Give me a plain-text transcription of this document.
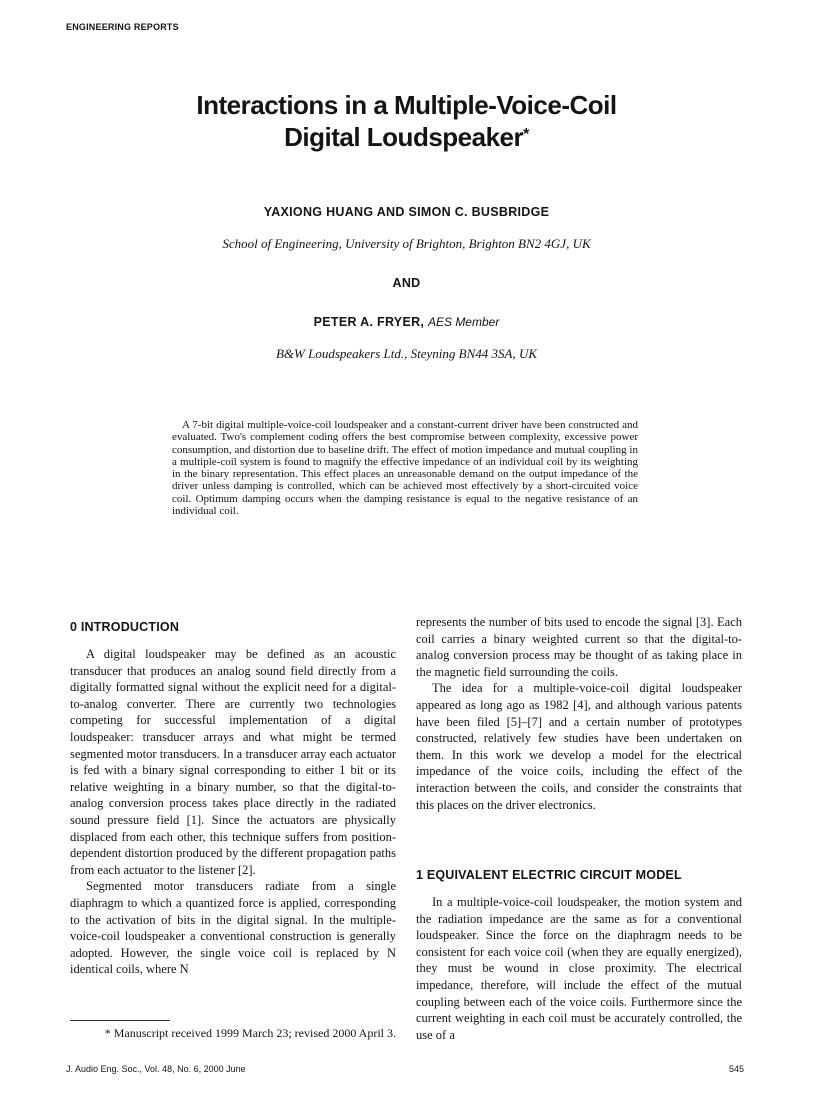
ENGINEERING REPORTS
Interactions in a Multiple-Voice-Coil
Digital Loudspeaker*
YAXIONG HUANG AND SIMON C. BUSBRIDGE
School of Engineering, University of Brighton, Brighton BN2 4GJ, UK
AND
PETER A. FRYER, AES Member
B&W Loudspeakers Ltd., Steyning BN44 3SA, UK
A 7-bit digital multiple-voice-coil loudspeaker and a constant-current driver have been constructed and evaluated. Two's complement coding offers the best compromise between complexity, excessive power consumption, and distortion due to baseline drift. The effect of motion impedance and mutual coupling in a multiple-coil system is found to magnify the effective impedance of an individual coil by its weighting in the binary representation. This effect places an unreasonable demand on the output impedance of the driver unless damping is controlled, which can be achieved most effectively by a short-circuited voice coil. Optimum damping occurs when the damping resistance is equal to the negative resistance of an individual coil.
0 INTRODUCTION

A digital loudspeaker may be defined as an acoustic transducer that produces an analog sound field directly from a digitally formatted signal without the explicit need for a digital-to-analog converter. There are currently two technologies competing for successful implementation of a digital loudspeaker: transducer arrays and what might be termed segmented motor transducers. In a transducer array each actuator is fed with a binary signal corresponding to either 1 bit or its relative weighting in a binary number, so that the digital-to-analog conversion process takes place directly in the radiated sound pressure field [1]. Since the actuators are physically displaced from each other, this technique suffers from position-dependent distortion produced by the different propagation paths from each actuator to the listener [2].

Segmented motor transducers radiate from a single diaphragm to which a quantized force is applied, corresponding to the activation of bits in the digital signal. In the multiple-voice-coil loudspeaker a conventional construction is generally adopted. However, the single voice coil is replaced by N identical coils, where N

represents the number of bits used to encode the signal [3]. Each coil carries a binary weighted current so that the digital-to-analog conversion process may be thought of as taking place in the magnetic field surrounding the coils.

The idea for a multiple-voice-coil digital loudspeaker appeared as long ago as 1982 [4], and although various patents have been filed [5]–[7] and a certain number of prototypes constructed, relatively few studies have been undertaken on them. In this work we develop a model for the electrical impedance of the voice coils, including the effect of the interaction between the coils, and consider the constraints that this places on the driver electronics.

1 EQUIVALENT ELECTRIC CIRCUIT MODEL

In a multiple-voice-coil loudspeaker, the motion system and the radiation impedance are the same as for a conventional loudspeaker. Since the force on the diaphragm needs to be consistent for each voice coil (when they are equally energized), they must be wound in close proximity. The electrical impedance, therefore, will include the effect of the mutual coupling between each of the voice coils. Furthermore since the current weighting in each coil must be accurately controlled, the use of a

* Manuscript received 1999 March 23; revised 2000 April 3.
J. Audio Eng. Soc., Vol. 48, No. 6, 2000 June	545
